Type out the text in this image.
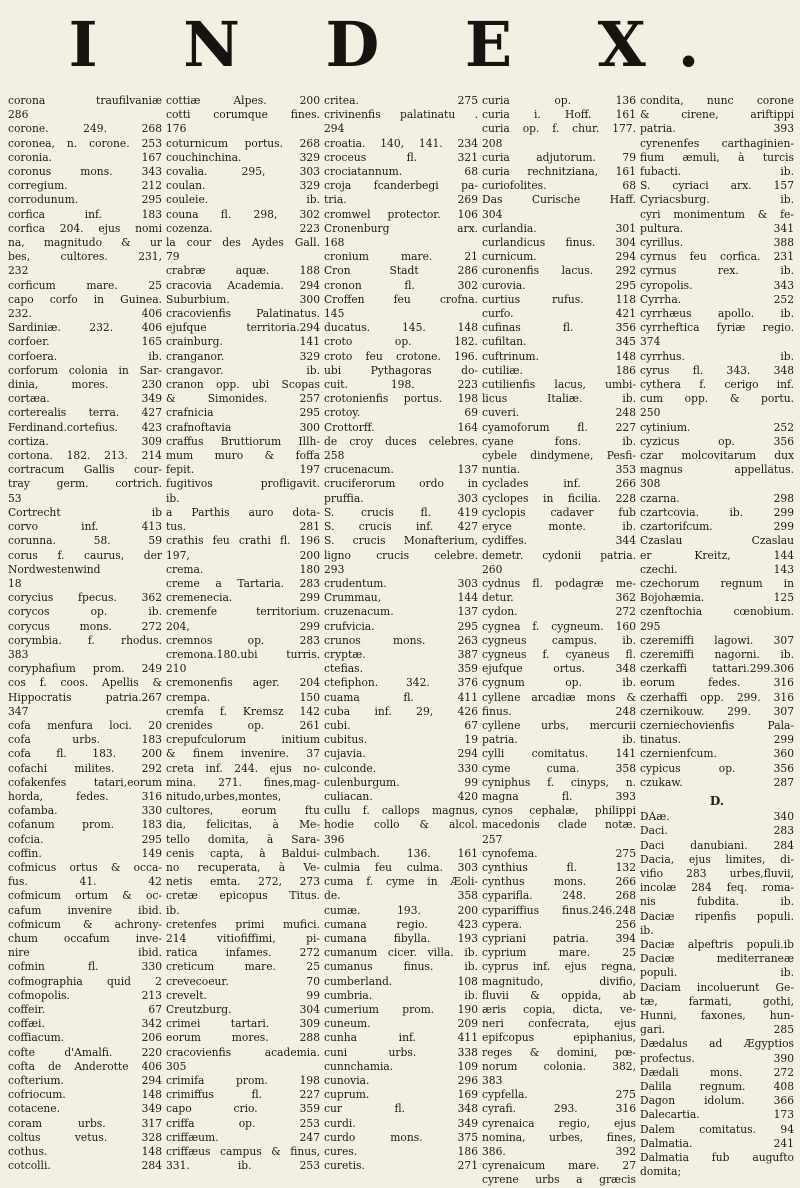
I N D E X.
corona traufilvaniæ
286
corone. 249. 268
coronea, n. corone. 253
coronia. 167
coronus mons. 343
corregium. 212
corrodunum. 295
corfica inf. 183
corfica 204. ejus nomi
na, magnitudo & ur
bes, cultores. 231,
232
corficum mare. 25
capo corfo in Guinea.
232. 406
Sardiniæ. 232. 406
corfoer. 165
corfoera. ib.
corforum colonia in Sar-
dinia, mores. 230
cortæa. 349
corterealis terra. 427
Ferdinand.cortefius. 423
cortiza. 309
cortona. 182. 213. 214
cortracum Gallis cour-
tray germ. cortrich.
53
Cortrecht ib
corvo inf. 413
corunna. 58. 59
corus f. caurus, der
Nordwestenwind
18
corycius fpecus. 362
corycos op. ib.
corycus mons. 272
corymbia. f. rhodus.
383
coryphafium prom. 249
cos f. coos. Apellis &
Hippocratis patria.267
347
cofa menfura loci. 20
cofa urbs. 183
cofa fl. 183. 200
cofachi milites. 292
cofakenfes tatari,eorum
horda, fedes. 316
cofamba. 330
cofanum prom. 183
cofcia. 295
coffin. 149
cofmicus ortus & occa-
fus. 41. 42
cofmicum ortum & oc-
cafum invenire ibid.
cofmicum & achrony-
chum occafum inve-
nire ibid.
cofmin fl. 330
cofmographia quid 2
cofmopolis. 213
coffeir. 67
coffæi. 342
coffiacum. 206
cofte d'Amalfi. 220
cofta de Anderotte 406
cofterium. 294
cofriocum. 148
cotacene. 349
coram urbs. 317
coltus vetus. 328
cothus. 148
cotcolli. 284
cottiæ Alpes. 200
cotti corumque fines.
176
coturnicum portus. 268
couchinchina. 329
covalia. 295, 303
coulan. 329
couleie. ib.
couna fl. 298, 302
cozenza. 223
la cour des Aydes Gall.
79
crabræ aquæ. 188
cracovia Academia. 294
Suburbium. 300
cracovienfis Palatinatus.
ejufque territoria.294
crainburg. 141
cranganor. 329
crangavor. ib.
cranon opp. ubi Scopas
& Simonides. 257
crafnicia 295
crafnoftavia 300
craffus Bruttiorum Illh-
mum muro & foffa
fepit. 197
fugitivos profligavit.
ib.
a Parthis auro dota-
tus. 281
crathis feu crathi fl. 196
197, 200
crema. 180
creme a Tartaria. 283
cremenecia. 299
cremenfe territorium.
204, 299
cremnos op. 283
cremona.180.ubi turris.
210
cremonenfis ager. 204
crempa. 150
cremfa f. Kremsz 142
crenides op. 261
crepufculorum initium
& finem invenire. 37
creta inf. 244. ejus no-
mina. 271. fines,mag-
nitudo,urbes,montes,
cultores, eorum ftu
dia, felicitas, à Me-
tello domita, à Sara-
cenis capta, à Baldui-
no recuperata, à Ve-
netis emta. 272, 273
cretæ epicopus Titus.
ib.
cretenfes primi mufici.
214 vitiofiffimi, pi-
ratica infames. 272
creticum mare. 25
crevecoeur. 70
crevelt. 99
Creutzburg. 304
crimei tartari. 309
eorum mores. 288
cracovienfis academia.
305
crimifa prom. 198
crimiffus fl. 227
capo crio. 359
criffa op. 253
criffæum. 247
criffæus campus & finus,
331. ib. 253
critea. 275
crivinenfis palatinatu .
294
croatia. 140, 141. 234
croceus fl. 321
crociatannum. 68
croja fcanderbegi pa-
tria. 269
cromwel protector. 106
Cronenburg arx.
168
cronium mare. 21
Cron Stadt 286
cronon fl. 302
Croffen feu crofna.
145
ducatus. 145. 148
croto op. 182.
croto feu crotone. 196.
ubi Pythagoras do-
cuit. 198. 223
crotonienfis portus. 198
crotoy. 69
Crottorff. 164
de croy duces celebres.
258
crucenacum. 137
cruciferorum ordo in
pruffia. 303
S. crucis fl. 419
S. crucis inf. 427
S. crucis Monafterium,
ligno crucis celebre.
293
crudentum. 303
Crummau, 144
cruzenacum. 137
crufvicia. 295
crunos mons. 263
cryptæ. 387
ctefias. 359
ctefiphon. 342. 376
cuama fl. 411
cuba inf. 29, 426
cubi. 67
cubitus. 19
cujavia. 294
culconde. 330
culenburgum. 99
culiacan. 420
cullu f. callops magnus,
hodie collo & alcol.
396
culmbach. 136. 161
culmia feu culma. 303
cuma f. cyme in Æoli-
de. 358
cumæ. 193. 200
cumana regio. 423
cumana fibylla. 193
cumanum cicer. villa. ib.
cumanus finus. ib.
cumberland. 108
cumbria. ib.
cumerium prom. 190
cuneum. 209
cunha inf. 411
cuni urbs. 338
cunnchamia. 109
cunovia. 296
cuprum. 169
cur fl. 348
curdi. 349
curdo mons. 375
cures. 186
curetis. 271
curia op. 136
curia i. Hoff. 161
curia op. f. chur. 177.
208
curia adjutorum. 79
curia rechnitziana, 161
curiofolites. 68
Das Curische Haff.
304
curlandia. 301
curlandicus finus. 304
curnicum. 294
curonenfis lacus. 292
curovia. 295
curtius rufus. 118
curfo. 421
cufinas fl. 356
cufiltan. 345
cuftrinum. 148
cutiliæ. 186
cutilienfis lacus, umbi-
licus Italiæ. ib.
cuveri. 248
cyamoforum fl. 227
cyane fons. ib.
cybele dindymene, Pesfi-
nuntia. 353
cyclades inf. 266
cyclopes in ficilia. 228
cyclopis cadaver fub
eryce monte. ib.
cydiffes. 344
demetr. cydonii patria.
260
cydnus fl. podagræ me-
detur. 362
cydon. 272
cygnea f. cygneum. 160
cygneus campus. ib.
cygneus f. cyaneus fl.
ejufque ortus. 348
cygnum op. ib.
cyllene arcadiæ mons &
finus. 248
cyllene urbs, mercurii
patria. ib.
cylli comitatus. 141
cyme cuma. 358
cyniphus f. cinyps, n.
magna fl. 393
cynos cephalæ, philippi
macedonis clade notæ.
257
cynofema. 275
cynthius fl. 132
cynthus mons. 266
cyparifla. 248. 268
cypariffius finus.246.248
cypera. 256
cypriani patria. 394
cyprium mare. 25
cyprus inf. ejus regna,
magnitudo, divifio,
fluvii & oppida, ab
æris copia, dicta, ve-
neri confecrata, ejus
epifcopus epiphanius,
reges & domini, pœ-
norum colonia. 382,
383
cypfella. 275
cyrafi. 293. 316
cyrenaica regio, ejus
nomina, urbes, fines,
386. 392
cyrenaicum mare. 27
cyrene urbs a græcis
condita, nunc corone
& cirene, ariftippi
patria. 393
cyrenenfes carthaginien-
fium æmuli, à turcis
fubacti. ib.
S. cyriaci arx. 157
Cyriacsburg. ib.
cyri monimentum & fe-
pultura. 341
cyrillus. 388
cyrnus feu corfica. 231
cyrnus rex. ib.
cyropolis. 343
Cyrrha. 252
cyrrhæus apollo. ib.
cyrrheftica fyriæ regio.
374
cyrrhus. ib.
cyrus fl. 343. 348
cythera f. cerigo inf.
cum opp. & portu.
250
cytinium. 252
cyzicus op. 356
czar molcovitarum dux
magnus appellatus.
308
czarna. 298
czartcovia. ib. 299
czartorifcum. 299
Czaslau Czaslau
er Kreitz, 144
czechi. 143
czechorum regnum in
Bojohæmia. 125
czenftochia cœnobium.
295
czeremiffi lagowi. 307
czeremiffi nagorni. ib.
czerkaffi tattari.299.306
eorum fedes. 316
czerhaffi opp. 299. 316
czernikouw. 299. 307
czerniechovienfis Pala-
tinatus. 299
czernienfcum. 360
cypicus op. 356
czukaw. 287
D.
DAæ. 340
Daci. 283
Daci danubiani. 284
Dacia, ejus limites, di-
vifio 283 urbes,fluvii,
incolæ 284 feq. roma-
nis fubdita. ib.
Daciæ ripenfis populi.
ib.
Daciæ alpeftris populi.ib
Daciæ mediterraneæ
populi. ib.
Daciam incoluerunt Ge-
tæ, farmati, gothi,
Hunni, faxones, hun-
gari. 285
Dædalus ad Ægyptios
profectus. 390
Dædali mons. 272
Dalila regnum. 408
Dagon idolum. 366
Dalecartia. 173
Dalem comitatus. 94
Dalmatia. 241
Dalmatia fub augufto
domita;
